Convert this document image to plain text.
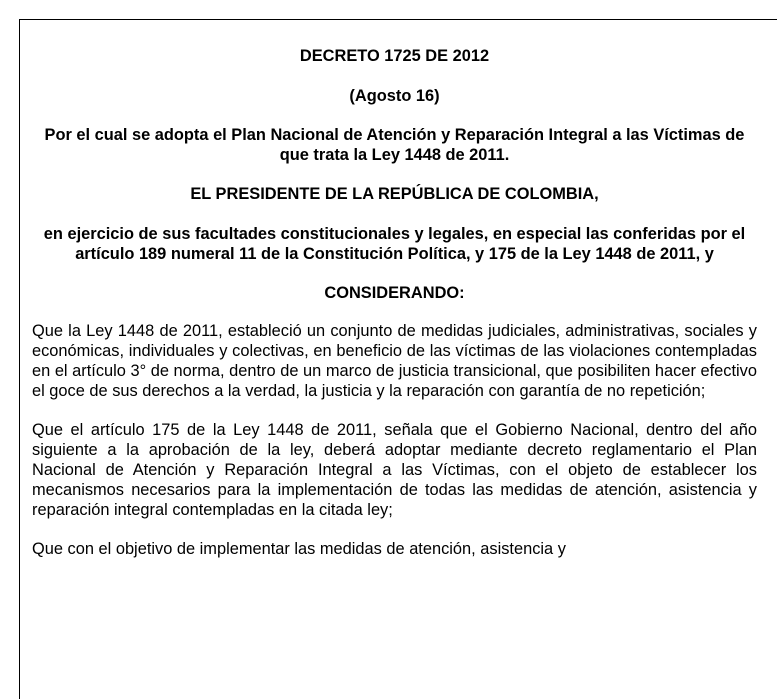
DECRETO 1725 DE 2012

(Agosto 16)

Por el cual se adopta el Plan Nacional de Atención y Reparación Integral a las Víctimas de que trata la Ley 1448 de 2011.

EL PRESIDENTE DE LA REPÚBLICA DE COLOMBIA,

en ejercicio de sus facultades constitucionales y legales, en especial las conferidas por el artículo 189 numeral 11 de la Constitución Política, y 175 de la Ley 1448 de 2011, y

CONSIDERANDO:

Que la Ley 1448 de 2011, estableció un conjunto de medidas judiciales, administrativas, sociales y económicas, individuales y colectivas, en beneficio de las víctimas de las violaciones contempladas en el artículo 3° de norma, dentro de un marco de justicia transicional, que posibiliten hacer efectivo el goce de sus derechos a la verdad, la justicia y la reparación con garantía de no repetición;

Que el artículo 175 de la Ley 1448 de 2011, señala que el Gobierno Nacional, dentro del año siguiente a la aprobación de la ley, deberá adoptar mediante decreto reglamentario el Plan Nacional de Atención y Reparación Integral a las Víctimas, con el objeto de establecer los mecanismos necesarios para la implementación de todas las medidas de atención, asistencia y reparación integral contempladas en la citada ley;

Que con el objetivo de implementar las medidas de atención, asistencia y
